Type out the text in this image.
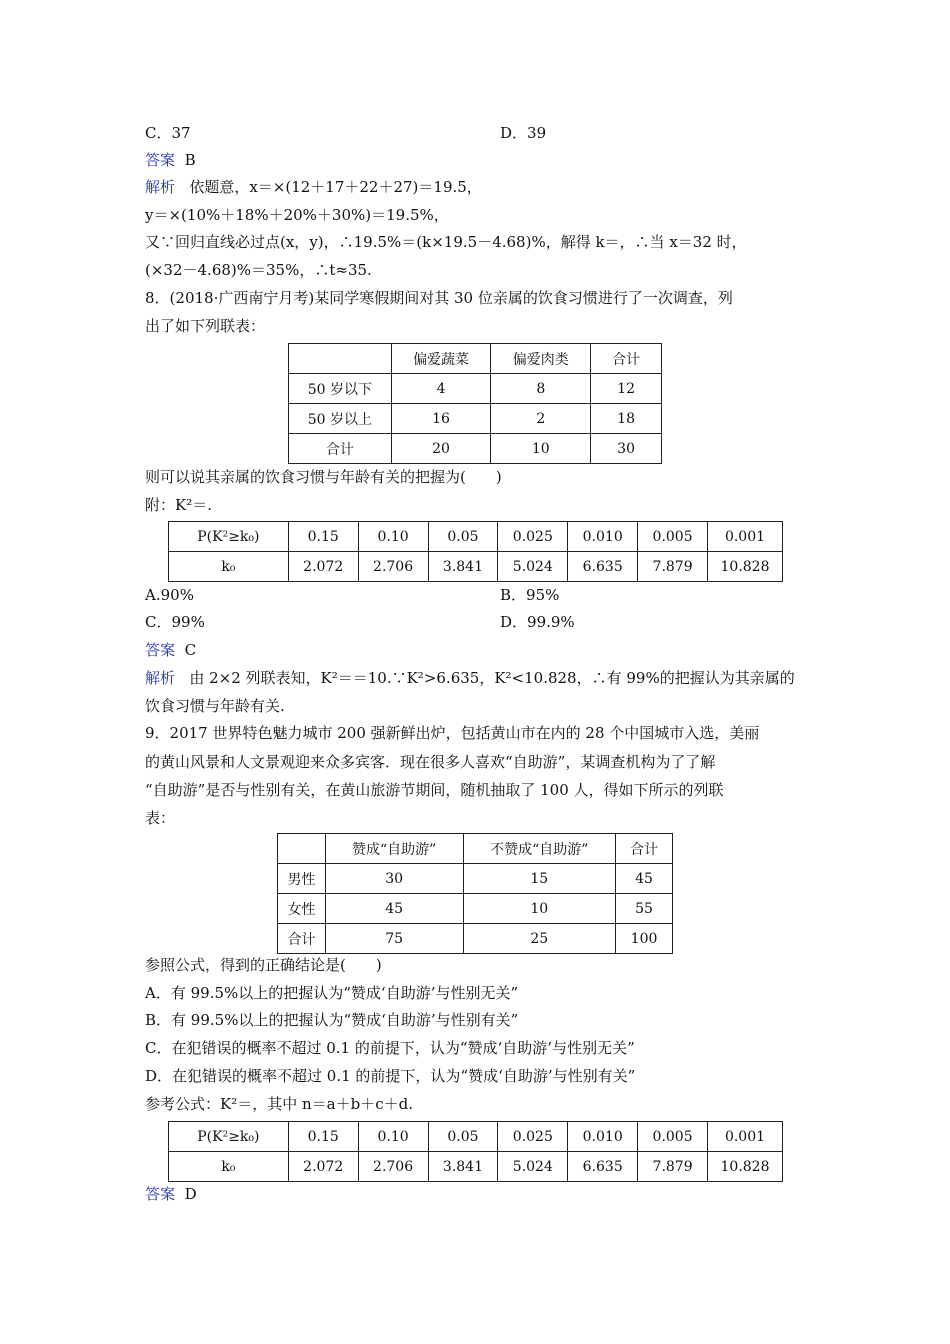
C．37	D．39
答案 B
解析 依题意，x＝×(12＋17＋22＋27)＝19.5，
y＝×(10%＋18%＋20%＋30%)＝19.5%，
又∵回归直线必过点(x，y)，∴19.5%＝(k×19.5－4.68)%，解得 k＝，∴当 x＝32 时，
(×32－4.68)%＝35%，∴t≈35.
8．(2018·广西南宁月考)某同学寒假期间对其 30 位亲属的饮食习惯进行了一次调查，列
出了如下列联表：
	偏爱蔬菜	偏爱肉类	合计
50 岁以下	4	8	12
50 岁以上	16	2	18
合计	20	10	30
则可以说其亲属的饮食习惯与年龄有关的把握为(　　)
附：K²＝.
P(K²≥k₀)	0.15	0.10	0.05	0.025	0.010	0.005	0.001
k₀	2.072	2.706	3.841	5.024	6.635	7.879	10.828
A.90%	B．95%
C．99%	D．99.9%
答案 C
解析 由 2×2 列联表知，K²＝＝10.∵K²>6.635，K²<10.828，∴有 99%的把握认为其亲属的
饮食习惯与年龄有关.
9．2017 世界特色魅力城市 200 强新鲜出炉，包括黄山市在内的 28 个中国城市入选，美丽
的黄山风景和人文景观迎来众多宾客．现在很多人喜欢“自助游”，某调查机构为了了解
“自助游”是否与性别有关，在黄山旅游节期间，随机抽取了 100 人，得如下所示的列联
表：
	赞成“自助游”	不赞成“自助游”	合计
男性	30	15	45
女性	45	10	55
合计	75	25	100
参照公式，得到的正确结论是(　　)
A．有 99.5%以上的把握认为“赞成‘自助游’与性别无关”
B．有 99.5%以上的把握认为“赞成‘自助游’与性别有关”
C．在犯错误的概率不超过 0.1 的前提下，认为“赞成‘自助游’与性别无关”
D．在犯错误的概率不超过 0.1 的前提下，认为“赞成‘自助游’与性别有关”
参考公式：K²＝，其中 n＝a＋b＋c＋d.
P(K²≥k₀)	0.15	0.10	0.05	0.025	0.010	0.005	0.001
k₀	2.072	2.706	3.841	5.024	6.635	7.879	10.828
答案 D
